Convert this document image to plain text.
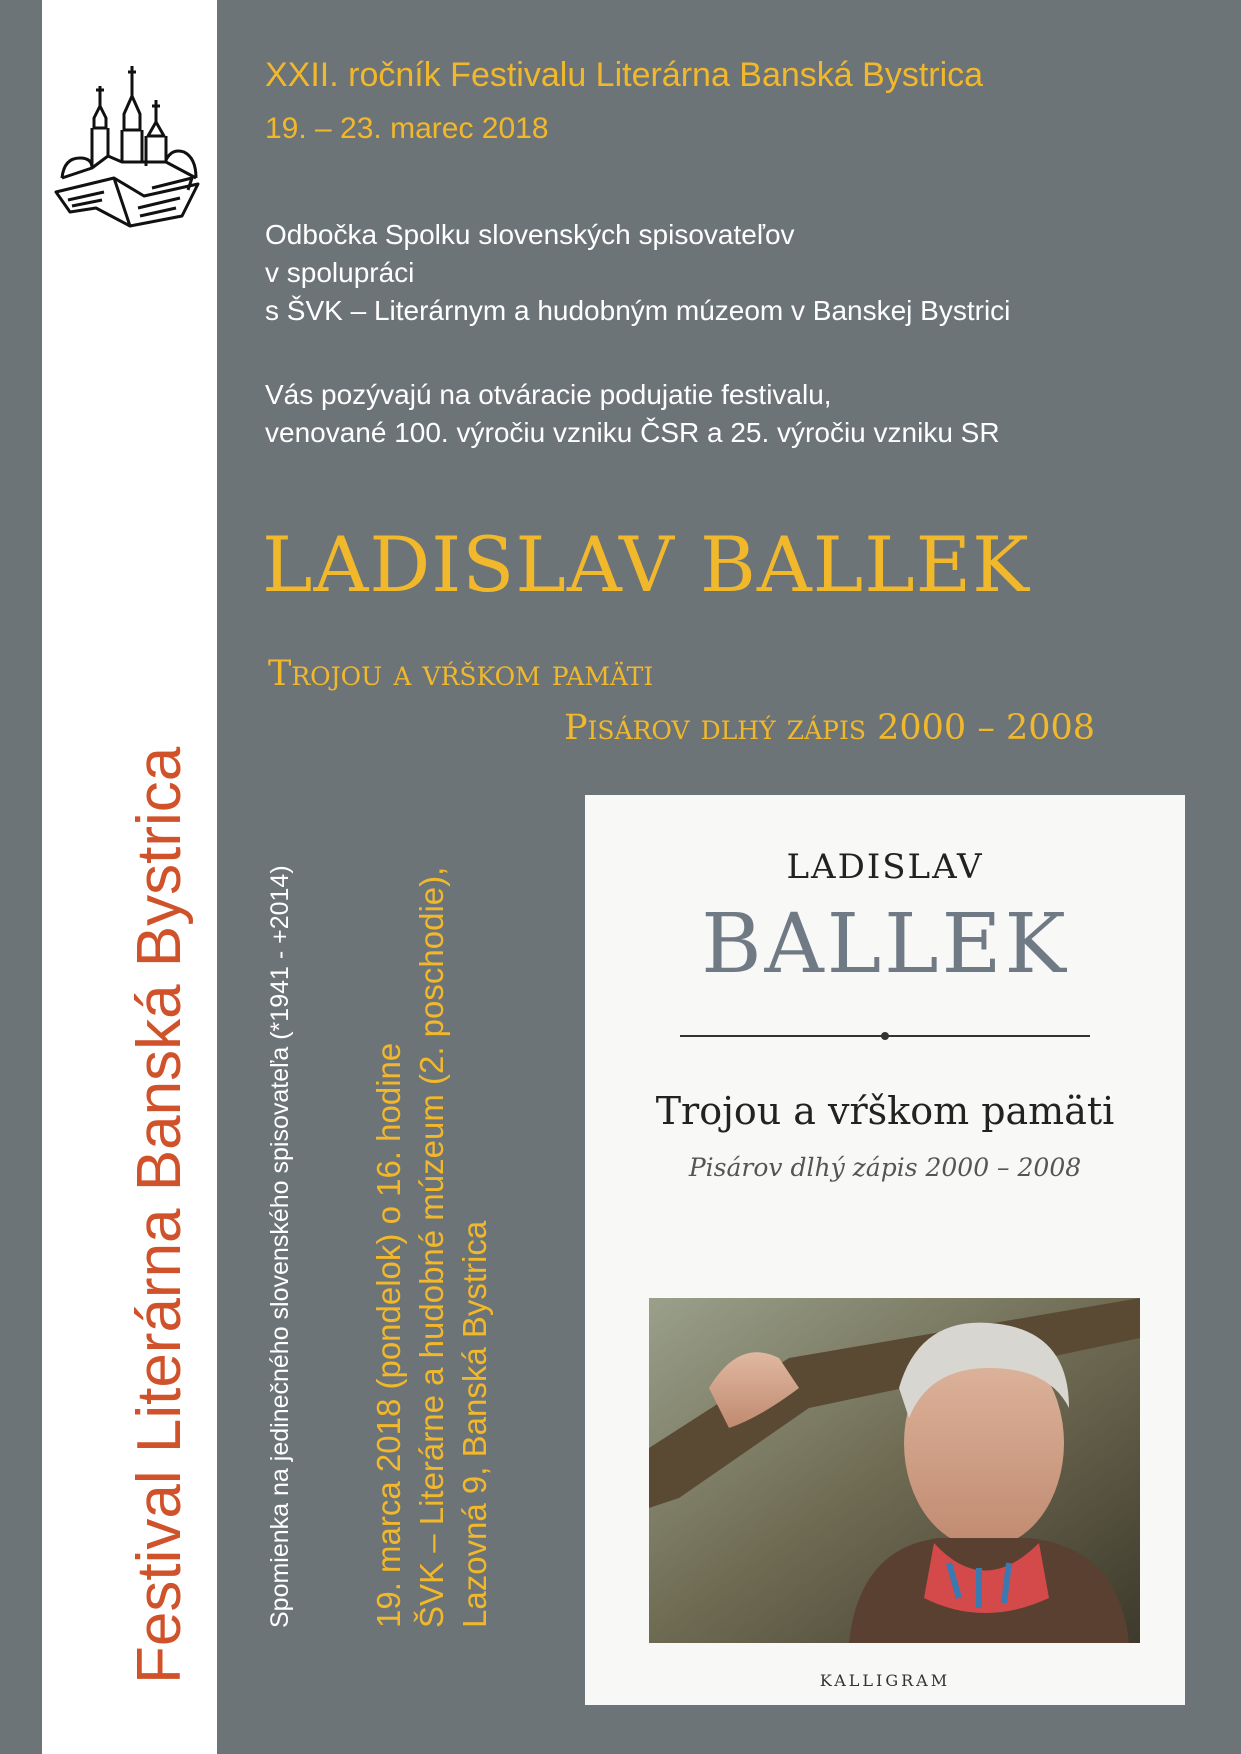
Festival Literárna Banská Bystrica
XXII. ročník Festivalu Literárna Banská Bystrica
19. – 23. marec 2018
Odbočka Spolku slovenských spisovateľov
v spolupráci
s ŠVK – Literárnym a hudobným múzeom v Banskej Bystrici
Vás pozývajú na otváracie podujatie festivalu,
venované 100. výročiu vzniku ČSR a 25. výročiu vzniku SR
LADISLAV BALLEK
Trojou a vŕškom pamäti
Pisárov dlhý zápis 2000 – 2008
Spomienka na jedinečného slovenského spisovateľa (*1941 - +2014) 19. marca 2018 (pondelok) o 16. hodine ŠVK – Literárne a hudobné múzeum (2. poschodie), Lazovná 9, Banská Bystrica
LADISLAV
BALLEK
Trojou a vŕškom pamäti
Pisárov dlhý zápis 2000 – 2008
KALLIGRAM
